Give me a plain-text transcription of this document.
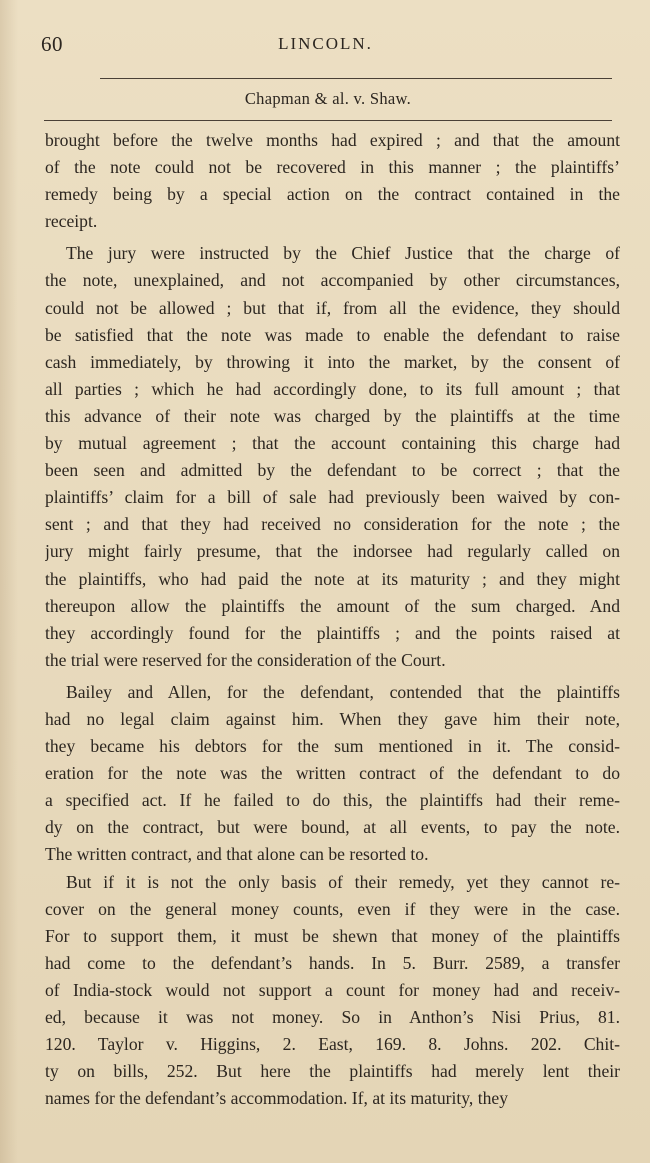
60	LINCOLN.
Chapman & al. v. Shaw.
brought before the twelve months had expired ; and that the amount
of the note could not be recovered in this manner ; the plaintiffs’
remedy being by a special action on the contract contained in the
receipt.
The jury were instructed by the Chief Justice that the charge of
the note, unexplained, and not accompanied by other circumstances,
could not be allowed ; but that if, from all the evidence, they should
be satisfied that the note was made to enable the defendant to raise
cash immediately, by throwing it into the market, by the consent of
all parties ; which he had accordingly done, to its full amount ; that
this advance of their note was charged by the plaintiffs at the time
by mutual agreement ; that the account containing this charge had
been seen and admitted by the defendant to be correct ; that the
plaintiffs’ claim for a bill of sale had previously been waived by con-
sent ; and that they had received no consideration for the note ; the
jury might fairly presume, that the indorsee had regularly called on
the plaintiffs, who had paid the note at its maturity ; and they might
thereupon allow the plaintiffs the amount of the sum charged. And
they accordingly found for the plaintiffs ; and the points raised at
the trial were reserved for the consideration of the Court.
Bailey and Allen, for the defendant, contended that the plaintiffs
had no legal claim against him. When they gave him their note,
they became his debtors for the sum mentioned in it. The consid-
eration for the note was the written contract of the defendant to do
a specified act. If he failed to do this, the plaintiffs had their reme-
dy on the contract, but were bound, at all events, to pay the note.
The written contract, and that alone can be resorted to.
But if it is not the only basis of their remedy, yet they cannot re-
cover on the general money counts, even if they were in the case.
For to support them, it must be shewn that money of the plaintiffs
had come to the defendant’s hands. In 5. Burr. 2589, a transfer
of India-stock would not support a count for money had and receiv-
ed, because it was not money. So in Anthon’s Nisi Prius, 81.
120. Taylor v. Higgins, 2. East, 169. 8. Johns. 202. Chit-
ty on bills, 252. But here the plaintiffs had merely lent their
names for the defendant’s accommodation. If, at its maturity, they
